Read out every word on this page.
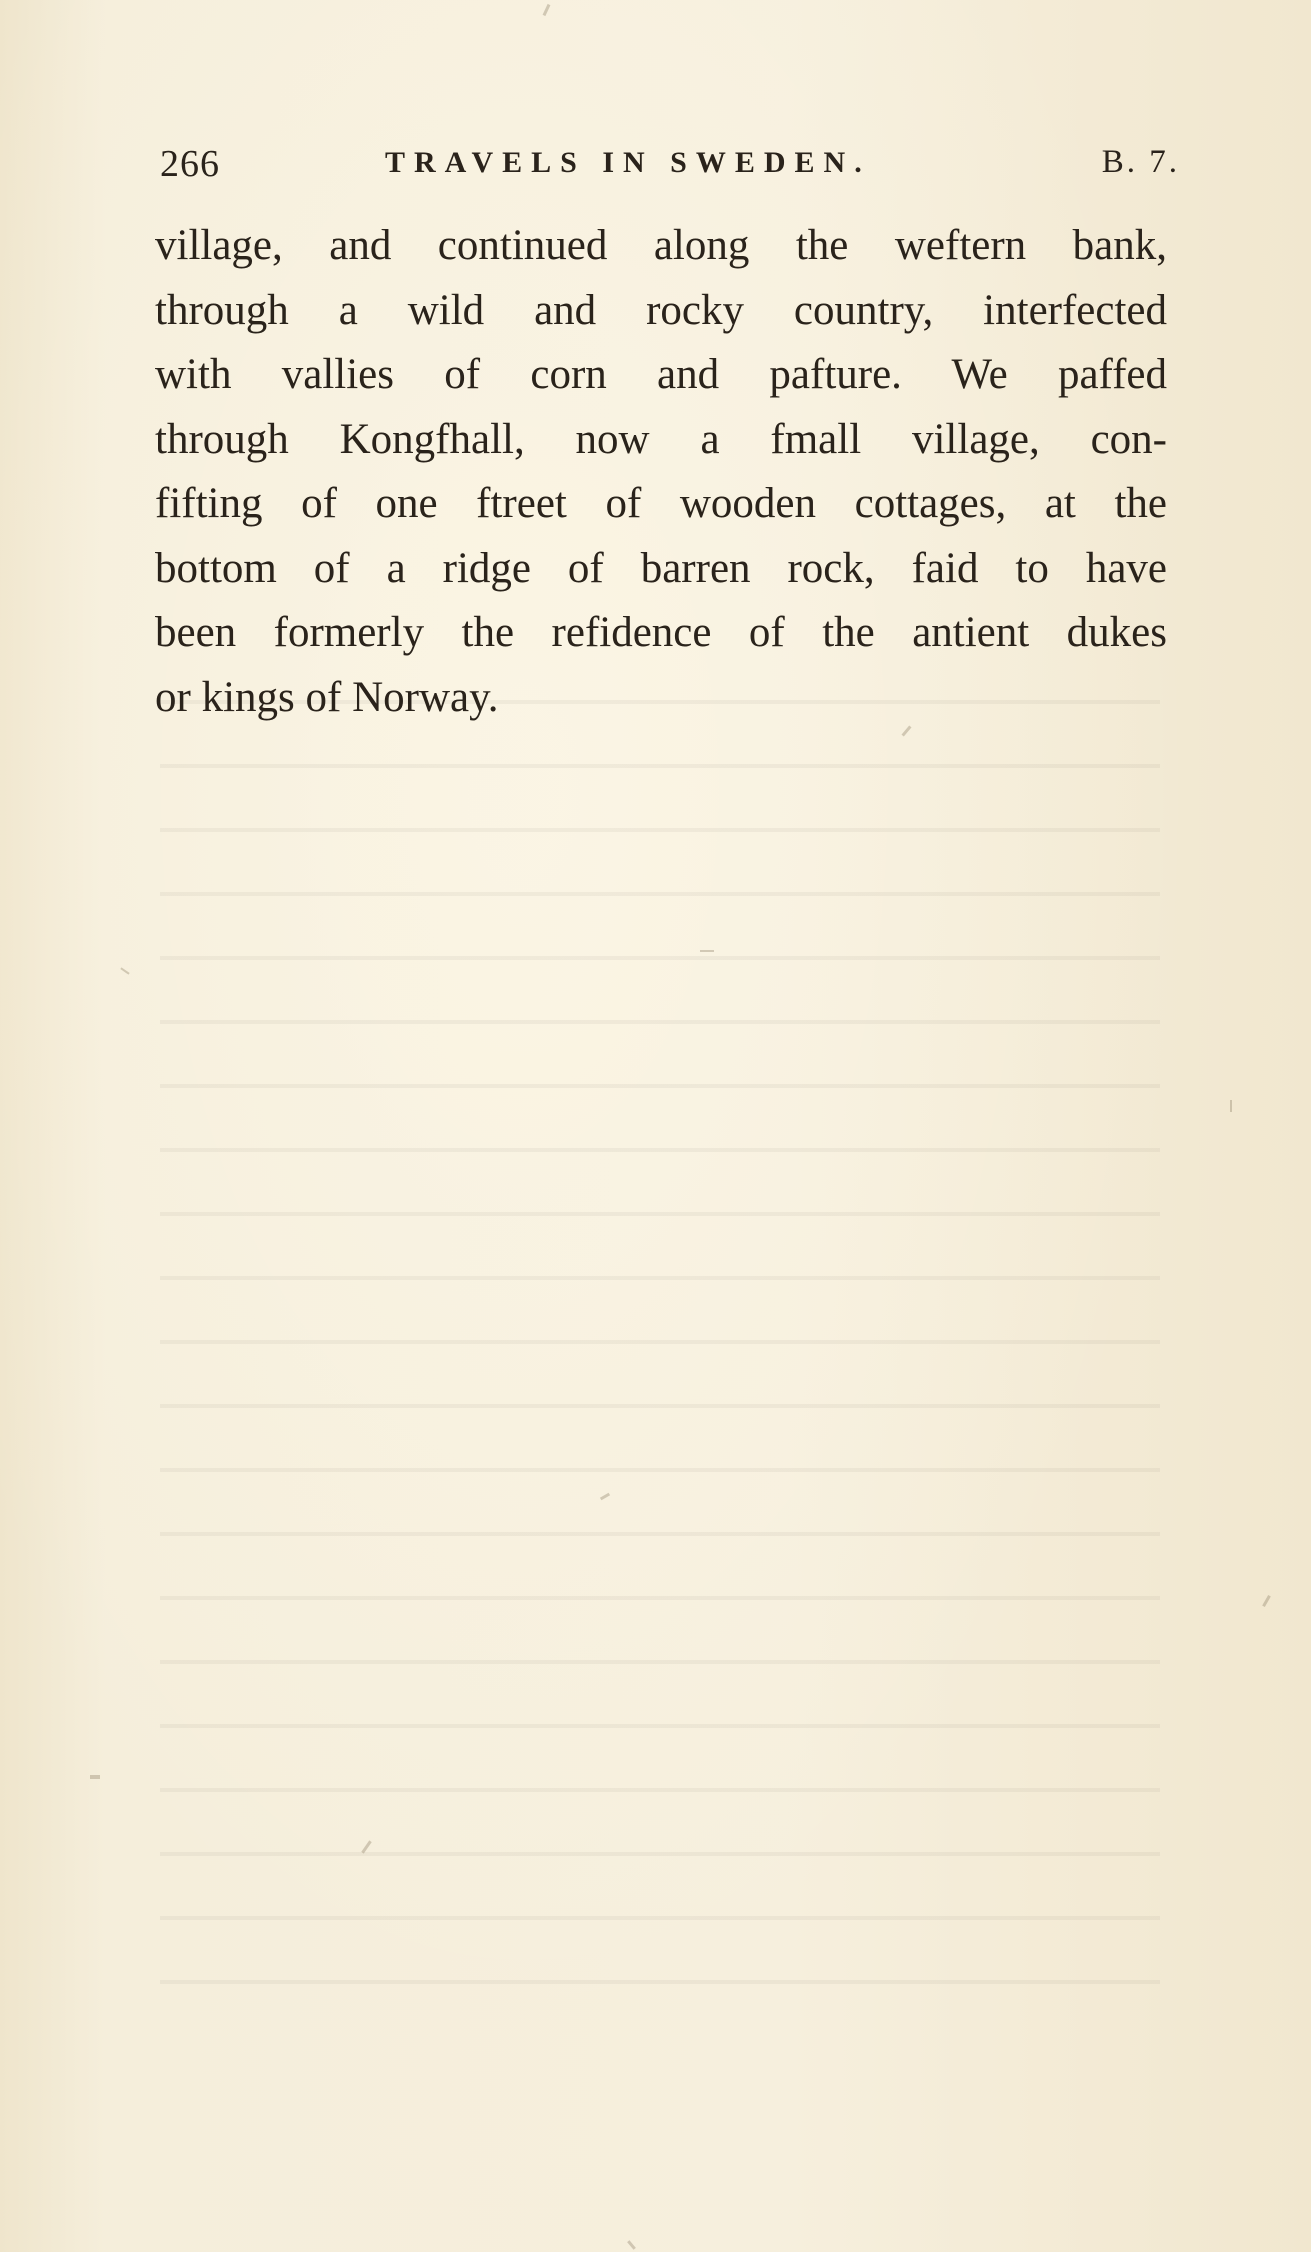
266	TRAVELS IN SWEDEN.	B. 7.
village, and continued along the weftern bank,
through a wild and rocky country, interfected
with vallies of corn and pafture. We paffed
through Kongfhall, now a fmall village, con-
fifting of one ftreet of wooden cottages, at the
bottom of a ridge of barren rock, faid to have
been formerly the refidence of the antient dukes
or kings of Norway.
